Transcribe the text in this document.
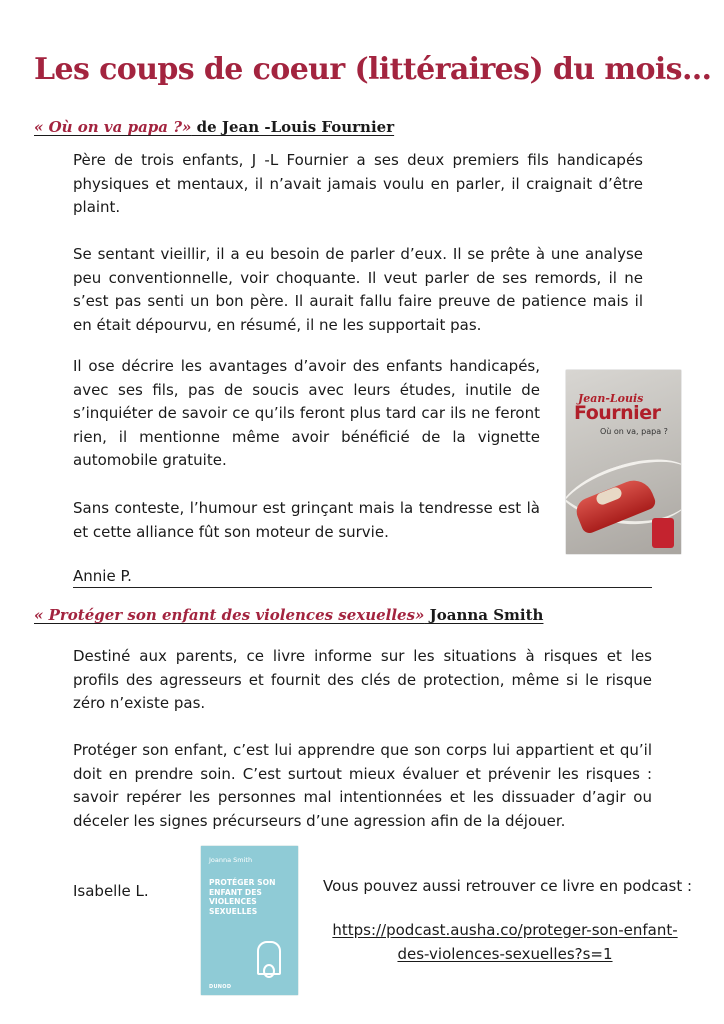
Les coups de coeur (littéraires) du mois…
« Où on va papa ?» de Jean -Louis Fournier

Père de trois enfants, J -L Fournier a ses deux premiers fils handicapés physiques et mentaux, il n’avait jamais voulu en parler, il craignait d’être plaint.

Se sentant vieillir, il a eu besoin de parler d’eux. Il se prête à une analyse peu conventionnelle, voir choquante. Il veut parler de ses remords, il ne s’est pas senti un bon père. Il aurait fallu faire preuve de patience mais il en était dépourvu, en résumé, il ne les supportait pas.

Il ose décrire les avantages d’avoir des enfants handicapés, avec ses fils, pas de soucis avec leurs études, inutile de s’inquiéter de savoir ce qu’ils feront plus tard car ils ne feront rien, il mentionne même avoir bénéficié de la vignette automobile gratuite.

Sans conteste, l’humour est grinçant mais la tendresse est là et cette alliance fût son moteur de survie.

Jean-Louis
Fournier
Où on va, papa ?

Annie P.

« Protéger son enfant des violences sexuelles» Joanna Smith

Destiné aux parents, ce livre informe sur les situations à risques et les profils des agresseurs et fournit des clés de protection, même si le risque zéro n’existe pas.

Protéger son enfant, c’est lui apprendre que son corps lui appartient et qu’il doit en prendre soin. C’est surtout mieux évaluer et prévenir les risques : savoir repérer les personnes mal intentionnées et les dissuader d’agir ou déceler les signes précurseurs d’une agression afin de la déjouer.

Isabelle L.

Joanna Smith
PROTÉGER SON ENFANT DES VIOLENCES SEXUELLES
DUNOD

Vous pouvez aussi retrouver ce livre en podcast :

https://podcast.ausha.co/proteger-son-enfant-des-violences-sexuelles?s=1
